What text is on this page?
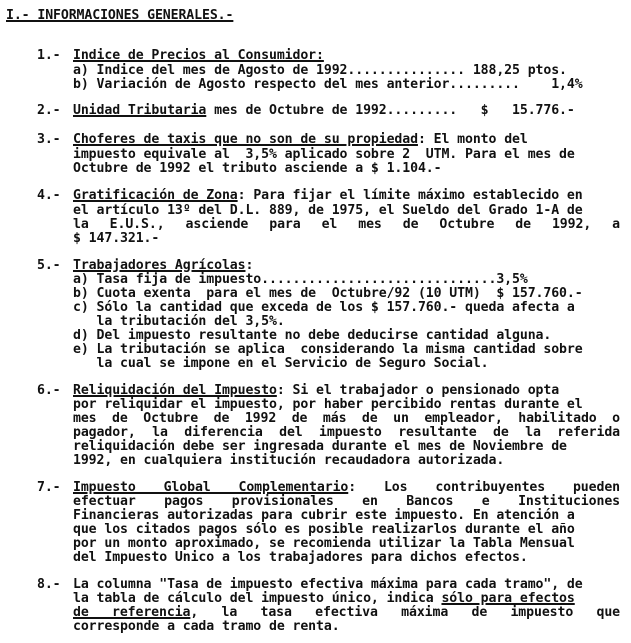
I.- INFORMACIONES GENERALES.-
1.- Indice de Precios al Consumidor:
a) Indice del mes de Agosto de 1992............... 188,25 ptos.
b) Variación de Agosto respecto del mes anterior.........    1,4%
2.- Unidad Tributaria mes de Octubre de 1992.........   $   15.776.-
3.- Choferes de taxis que no son de su propiedad: El monto del
impuesto equivale al  3,5% aplicado sobre 2  UTM. Para el mes de
Octubre de 1992 el tributo asciende a $ 1.104.-
4.- Gratificación de Zona: Para fijar el límite máximo establecido en
el artículo 13º del D.L. 889, de 1975, el Sueldo del Grado 1-A de
la E.U.S., asciende para el mes de Octubre de 1992, a
$ 147.321.-
5.- Trabajadores Agrícolas:
a) Tasa fija de impuesto..............................3,5%
b) Cuota exenta  para el mes de  Octubre/92 (10 UTM)  $ 157.760.-
c) Sólo la cantidad que exceda de los $ 157.760.- queda afecta a
la tributación del 3,5%.
d) Del impuesto resultante no debe deducirse cantidad alguna.
e) La tributación se aplica  considerando la misma cantidad sobre
la cual se impone en el Servicio de Seguro Social.
6.- Reliquidación del Impuesto: Si el trabajador o pensionado opta
por reliquidar el impuesto, por haber percibido rentas durante el
mes de Octubre de 1992 de más de un empleador, habilitado o
pagador, la diferencia del impuesto resultante de la referida
reliquidación debe ser ingresada durante el mes de Noviembre de
1992, en cualquiera institución recaudadora autorizada.
7.- Impuesto Global Complementario: Los contribuyentes pueden
efectuar pagos provisionales en Bancos e Instituciones
Financieras autorizadas para cubrir este impuesto. En atención a
que los citados pagos sólo es posible realizarlos durante el año
por un monto aproximado, se recomienda utilizar la Tabla Mensual
del Impuesto Unico a los trabajadores para dichos efectos.
8.- La columna "Tasa de impuesto efectiva máxima para cada tramo", de
la tabla de cálculo del impuesto único, indica sólo para efectos
de referencia, la tasa efectiva máxima de impuesto que
corresponde a cada tramo de renta.
